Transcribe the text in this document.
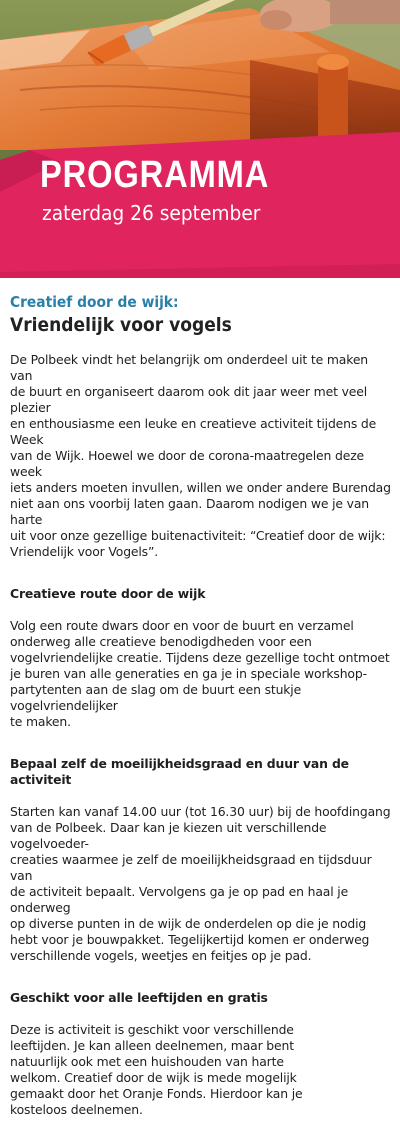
PROGRAMMA

zaterdag 26 september

Creatief door de wijk:

Vriendelijk voor vogels

De Polbeek vindt het belangrijk om onderdeel uit te maken van
de buurt en organiseert daarom ook dit jaar weer met veel plezier
en enthousiasme een leuke en creatieve activiteit tijdens de Week
van de Wijk. Hoewel we door de corona-maatregelen deze week
iets anders moeten invullen, willen we onder andere Burendag
niet aan ons voorbij laten gaan. Daarom nodigen we je van harte
uit voor onze gezellige buitenactiviteit: “Creatief door de wijk:
Vriendelijk voor Vogels”.

Creatieve route door de wijk

Volg een route dwars door en voor de buurt en verzamel
onderweg alle creatieve benodigdheden voor een
vogelvriendelijke creatie. Tijdens deze gezellige tocht ontmoet
je buren van alle generaties en ga je in speciale workshop-
partytenten aan de slag om de buurt een stukje vogelvriendelijker
te maken.

Bepaal zelf de moeilijkheidsgraad en duur van de activiteit

Starten kan vanaf 14.00 uur (tot 16.30 uur) bij de hoofdingang
van de Polbeek. Daar kan je kiezen uit verschillende vogelvoeder-
creaties waarmee je zelf de moeilijkheidsgraad en tijdsduur van
de activiteit bepaalt. Vervolgens ga je op pad en haal je onderweg
op diverse punten in de wijk de onderdelen op die je nodig
hebt voor je bouwpakket. Tegelijkertijd komen er onderweg
verschillende vogels, weetjes en feitjes op je pad.

Geschikt voor alle leeftijden en gratis

Deze is activiteit is geschikt voor verschillende
leeftijden. Je kan alleen deelnemen, maar bent
natuurlijk ook met een huishouden van harte
welkom. Creatief door de wijk is mede mogelijk
gemaakt door het Oranje Fonds. Hierdoor kan je
kosteloos deelnemen.
